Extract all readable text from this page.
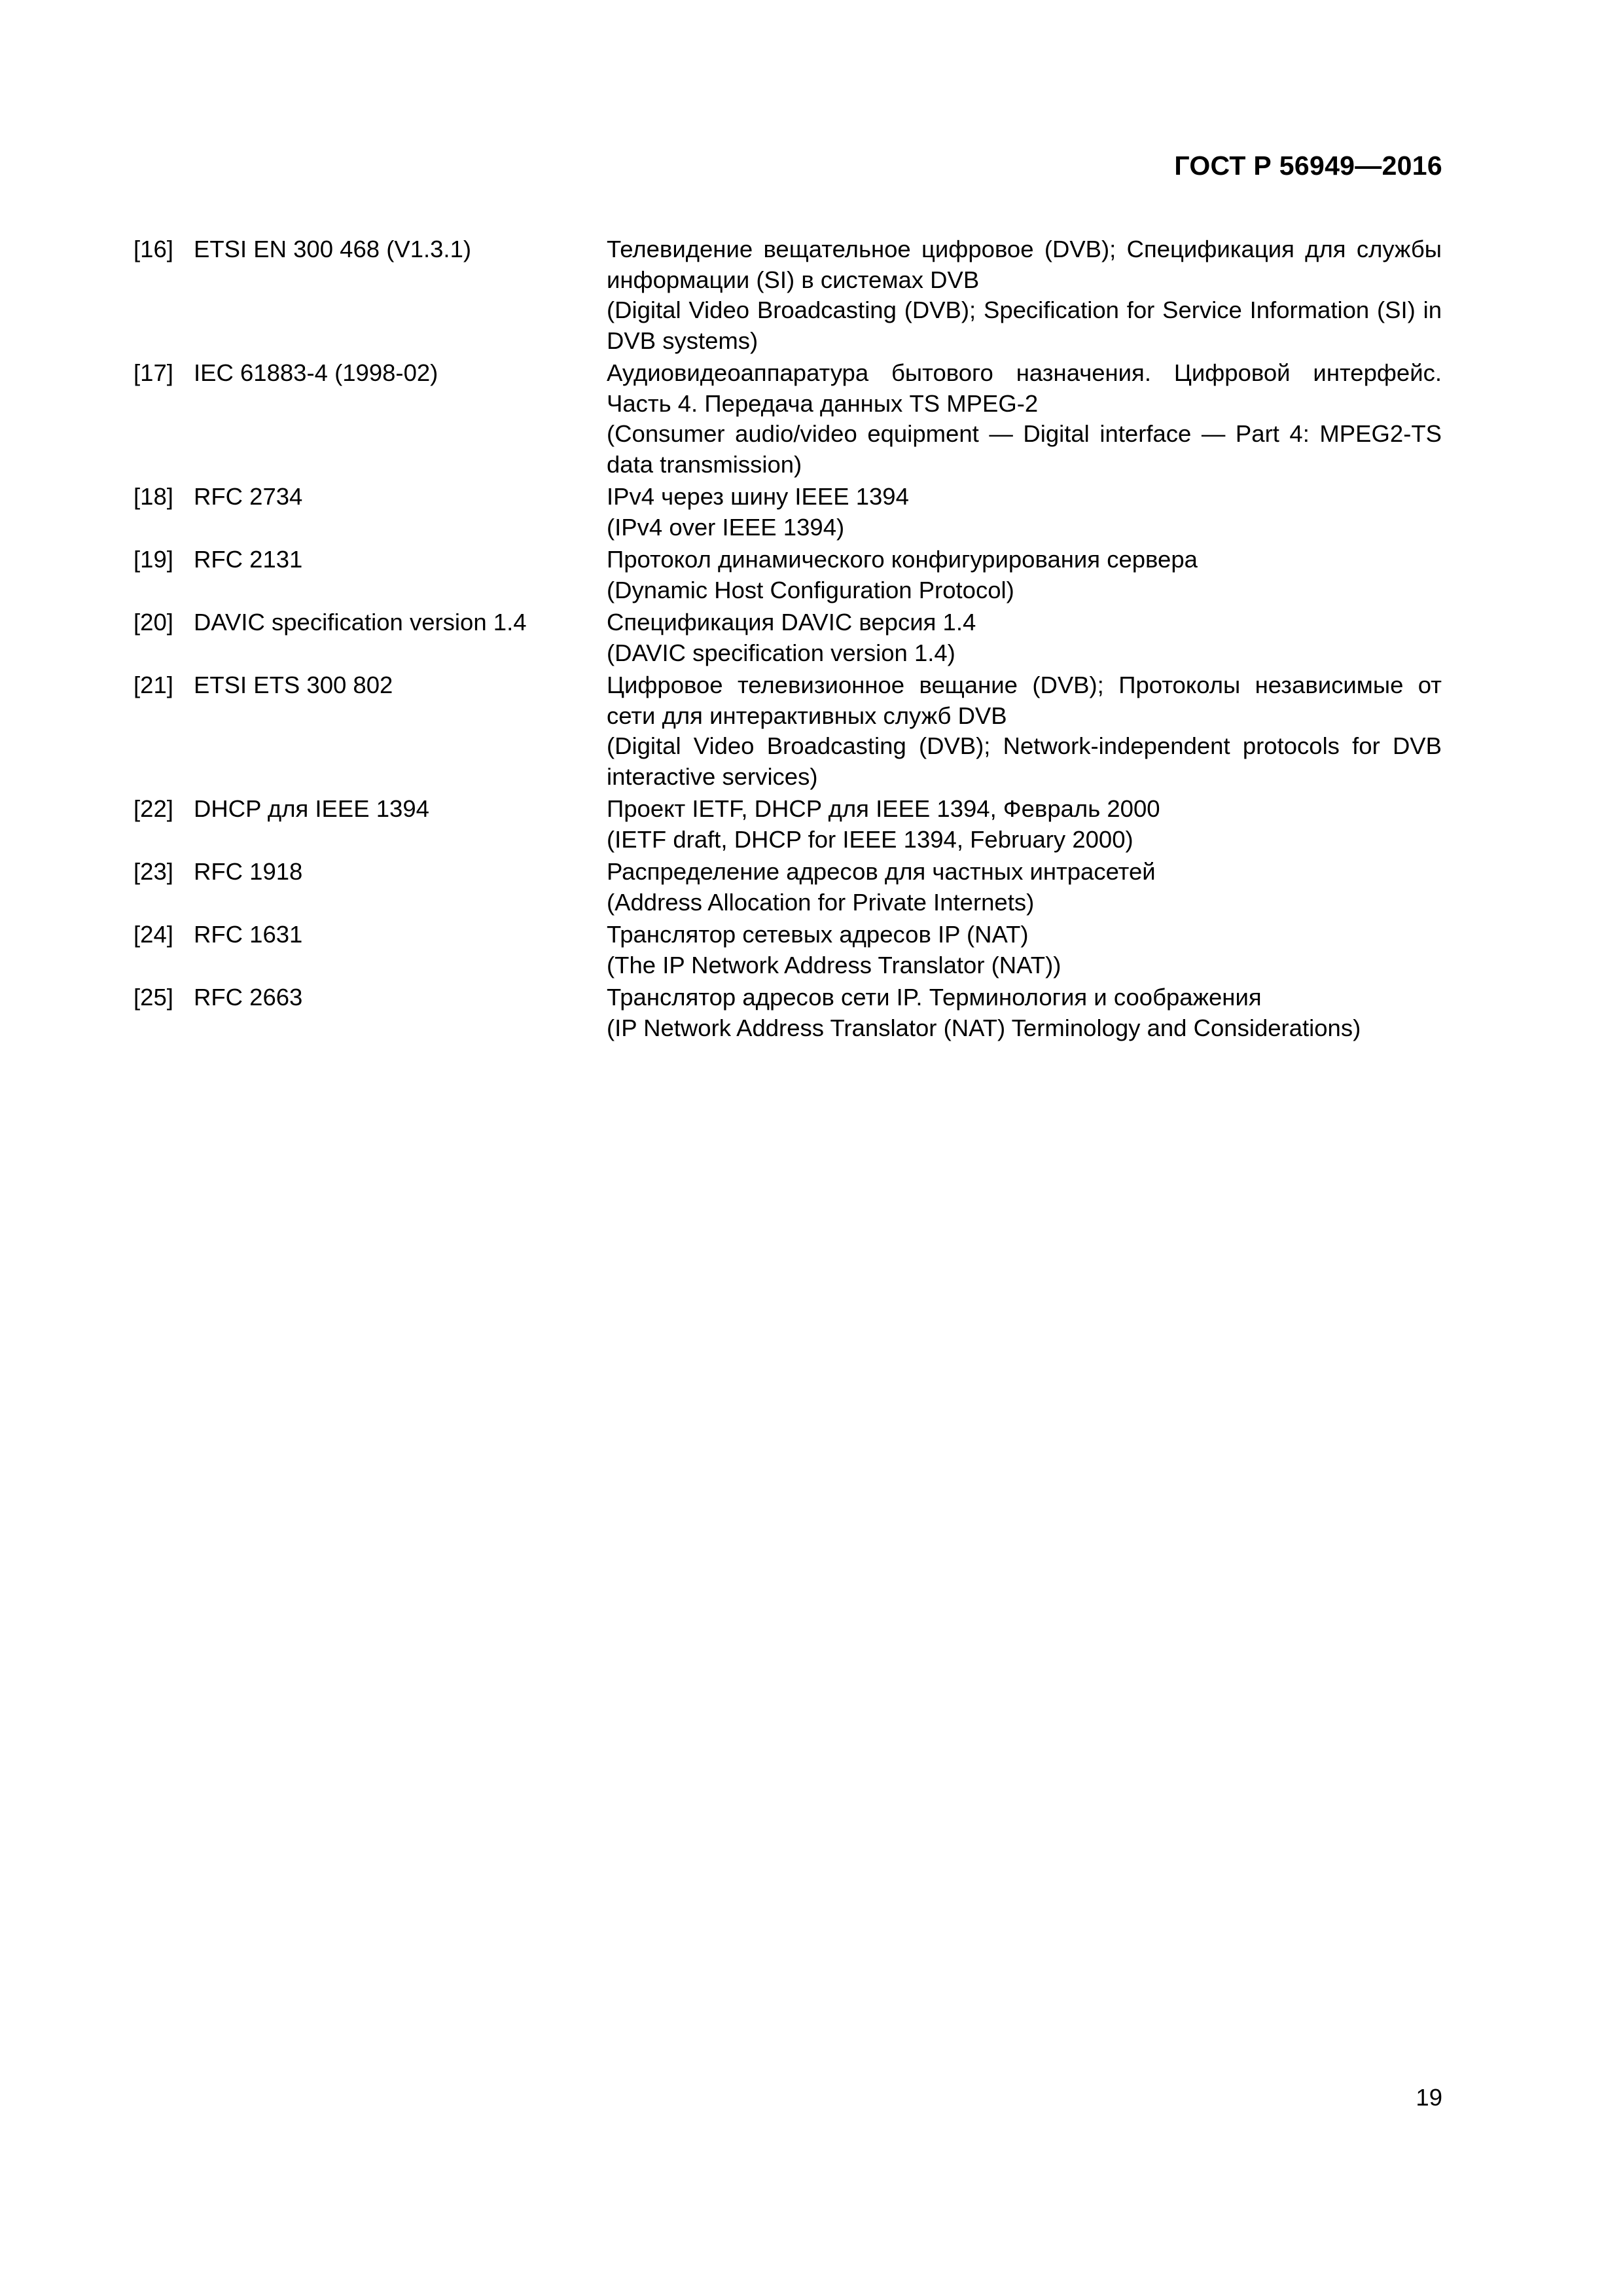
ГОСТ Р 56949—2016
[16] ETSI EN 300 468 (V1.3.1)	Телевидение вещательное цифровое (DVB); Спецификация для службы информации (SI) в системах DVB
(Digital Video Broadcasting (DVB); Specification for Service Information (SI) in DVB systems)
[17] IEC 61883-4 (1998-02)	Аудиовидеоаппаратура бытового назначения. Цифровой интерфейс. Часть 4. Передача данных TS MPEG-2
(Consumer audio/video equipment — Digital interface — Part 4: MPEG2-TS data transmission)
[18] RFC 2734	IPv4 через шину IEEE 1394
(IPv4 over IEEE 1394)
[19] RFC 2131	Протокол динамического конфигурирования сервера
(Dynamic Host Configuration Protocol)
[20] DAVIC specification version 1.4	Спецификация DAVIC версия 1.4
(DAVIC specification version 1.4)
[21] ETSI ETS 300 802	Цифровое телевизионное вещание (DVB); Протоколы независимые от сети для интерактивных служб DVB
(Digital Video Broadcasting (DVB); Network-independent protocols for DVB interactive services)
[22] DHCP для IEEE 1394	Проект IETF, DHCP для IEEE 1394, Февраль 2000
(IETF draft, DHCP for IEEE 1394, February 2000)
[23] RFC 1918	Распределение адресов для частных интрасетей
(Address Allocation for Private Internets)
[24] RFC 1631	Транслятор сетевых адресов IP (NAT)
(The IP Network Address Translator (NAT))
[25] RFC 2663	Транслятор адресов сети IP. Терминология и соображения
(IP Network Address Translator (NAT) Terminology and Considerations)
19
